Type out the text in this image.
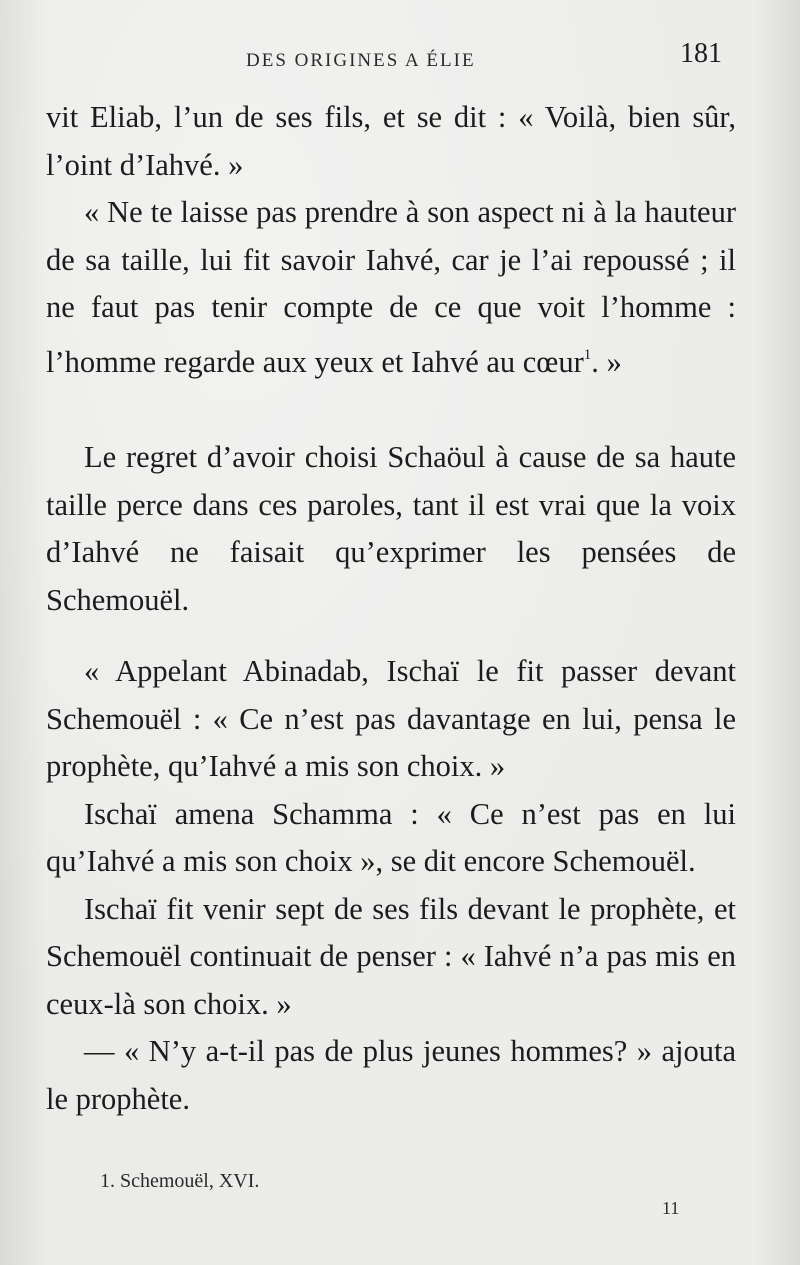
DES ORIGINES A ÉLIE	181

vit Eliab, l’un de ses fils, et se dit : « Voilà, bien sûr, l’oint d’Iahvé. »

« Ne te laisse pas prendre à son aspect ni à la hauteur de sa taille, lui fit savoir Iahvé, car je l’ai repoussé ; il ne faut pas tenir compte de ce que voit l’homme : l’homme regarde aux yeux et Iahvé au cœur$^1$. »

Le regret d’avoir choisi Schaöul à cause de sa haute taille perce dans ces paroles, tant il est vrai que la voix d’Iahvé ne faisait qu’exprimer les pensées de Schemouël.

« Appelant Abinadab, Ischaï le fit passer devant Schemouël : « Ce n’est pas davantage en lui, pensa le prophète, qu’Iahvé a mis son choix. »

Ischaï amena Schamma : « Ce n’est pas en lui qu’Iahvé a mis son choix », se dit encore Schemouël.

Ischaï fit venir sept de ses fils devant le prophète, et Schemouël continuait de penser : « Iahvé n’a pas mis en ceux-là son choix. »

— « N’y a-t-il pas de plus jeunes hommes? » ajouta le prophète.

1. Schemouël, XVI.
11
